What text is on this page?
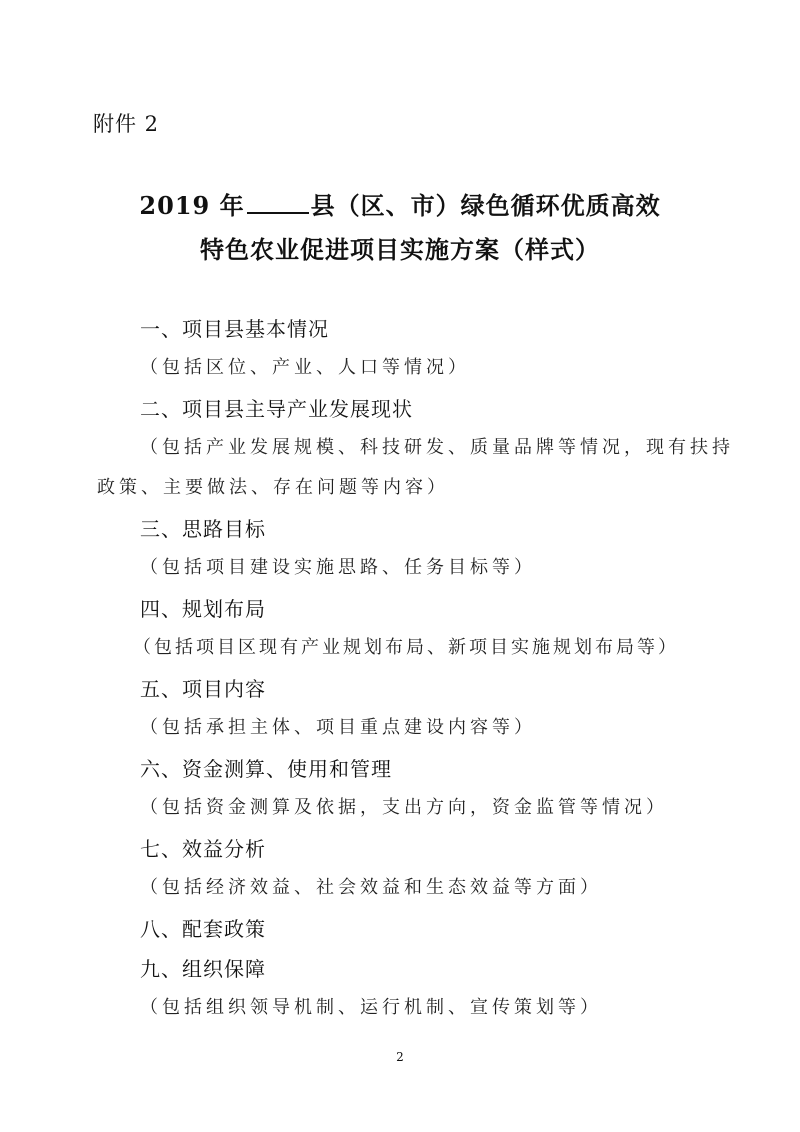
附件 2
2019 年	县（区、市）绿色循环优质高效
特色农业促进项目实施方案（样式）
一、项目县基本情况
（包括区位、产业、人口等情况）
二、项目县主导产业发展现状
（包括产业发展规模、科技研发、质量品牌等情况，现有扶持
政策、主要做法、存在问题等内容）
三、思路目标
（包括项目建设实施思路、任务目标等）
四、规划布局
（包括项目区现有产业规划布局、新项目实施规划布局等）
五、项目内容
（包括承担主体、项目重点建设内容等）
六、资金测算、使用和管理
（包括资金测算及依据，支出方向，资金监管等情况）
七、效益分析
（包括经济效益、社会效益和生态效益等方面）
八、配套政策
九、组织保障
（包括组织领导机制、运行机制、宣传策划等）
2
